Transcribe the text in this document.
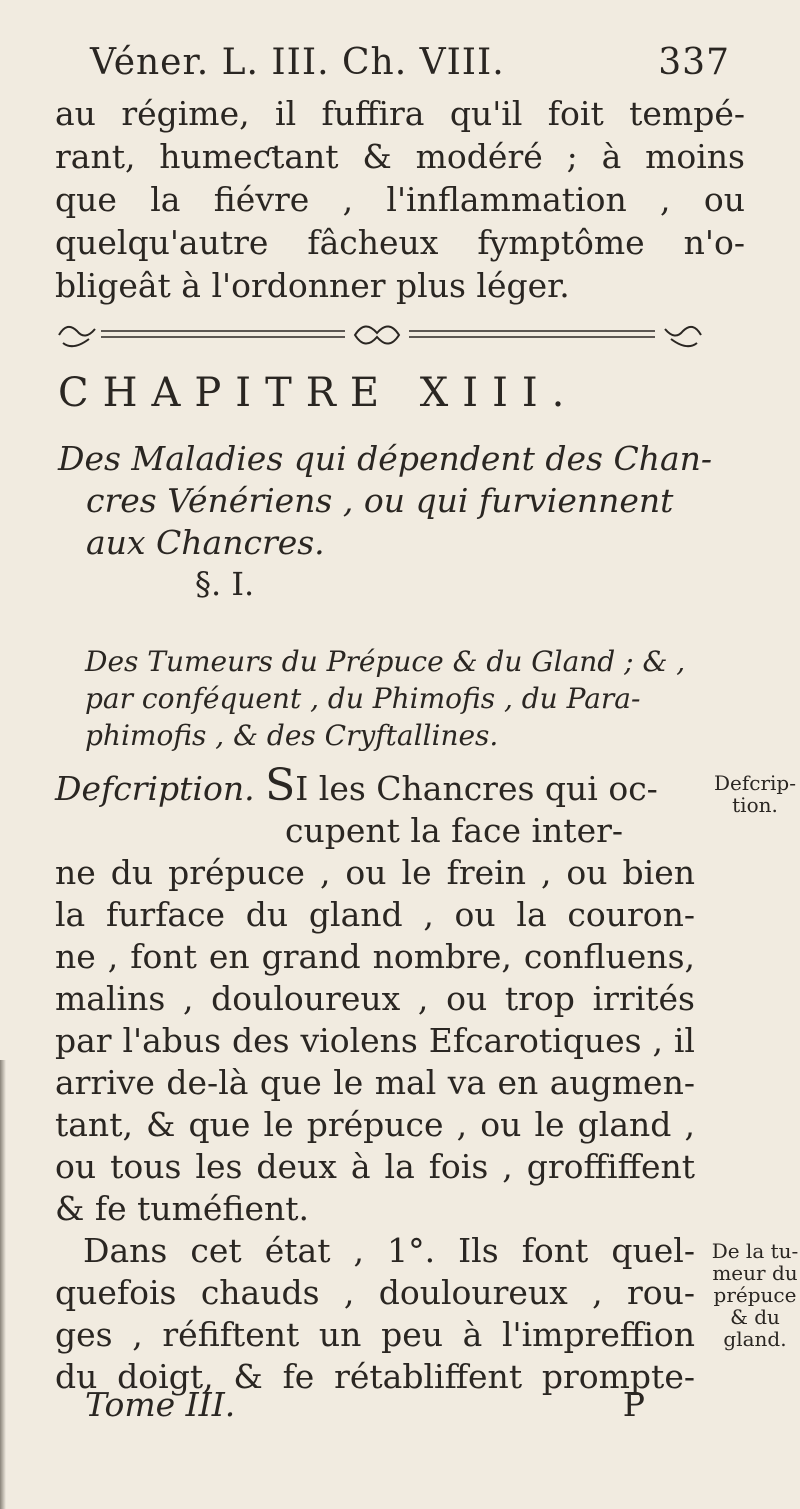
Véner. L. III. Ch. VIII.	337
au régime, il fuffira qu'il foit tempé-
rant, humeƈtant & modéré ; à moins
que la fiévre , l'inflammation , ou
quelqu'autre fâcheux fymptôme n'o-
bligeât à l'ordonner plus léger.
CHAPITRE XIII.
Des Maladies qui dépendent des Chan-
cres Vénériens , ou qui furviennent
aux Chancres.
§. I.
Des Tumeurs du Prépuce & du Gland ; & ,
par conféquent , du Phimofis , du Para-
phimofis , & des Cryftallines.
Defcription. SI les Chancres qui oc-
cupent la face inter-
ne du prépuce , ou le frein , ou bien
la furface du gland , ou la couron-
ne , font en grand nombre, confluens,
malins , douloureux , ou trop irrités
par l'abus des violens Efcarotiques , il
arrive de-là que le mal va en augmen-
tant, & que le prépuce , ou le gland ,
ou tous les deux à la fois , groffiffent
& fe tuméfient.
Dans cet état , 1°. Ils font quel-
quefois chauds , douloureux , rou-
ges , réfiftent un peu à l'impreffion
du doigt, & fe rétabliffent prompte-
Defcrip-
tion.
De la tu-
meur du
prépuce
& du
gland.
Tome III.	P
